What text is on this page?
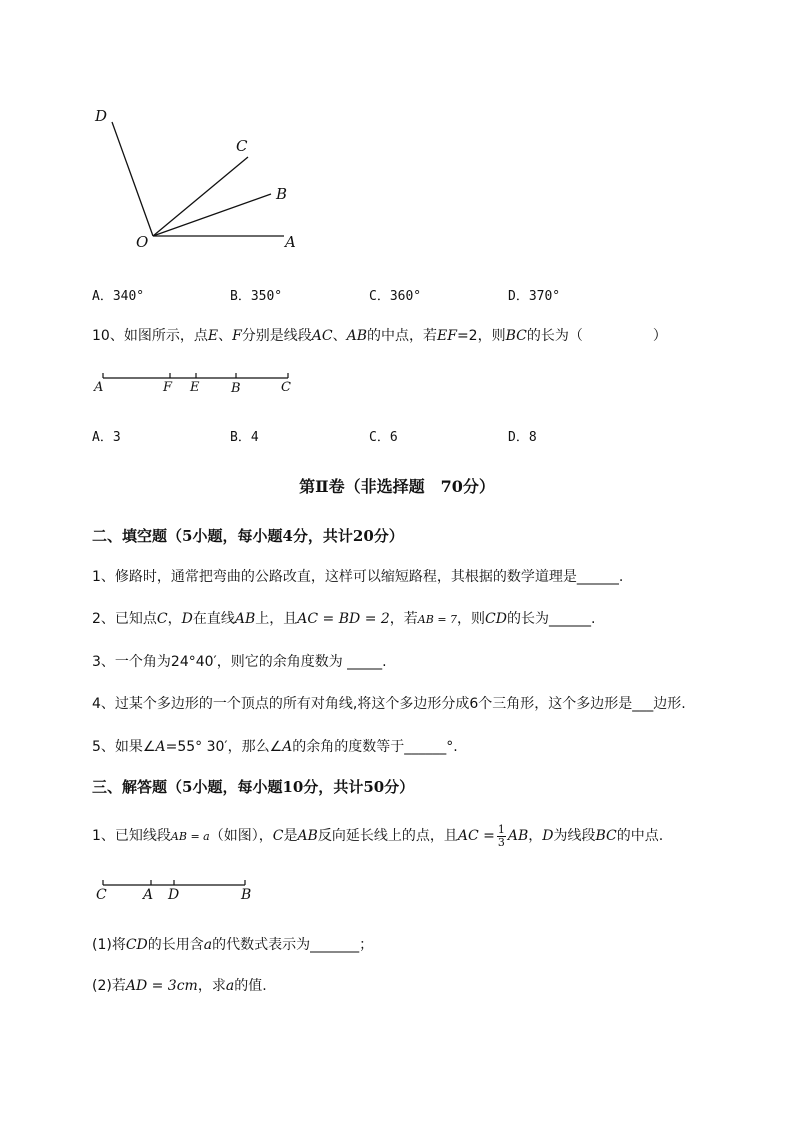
D
C
B
O	A
A．340°	B．350°	C．360°	D．370°
10、如图所示，点E、F分别是线段AC、AB的中点，若EF=2，则BC的长为（　　　　　）
A	F E B	C
A．3	B．4	C．6	D．8
第Ⅱ卷（非选择题　70分）
二、填空题（5小题，每小题4分，共计20分）
1、修路时，通常把弯曲的公路改直，这样可以缩短路程，其根据的数学道理是______.
2、已知点C，D在直线AB上，且AC = BD = 2，若AB = 7，则CD的长为______.
3、一个角为24°40′，则它的余角度数为 _____.
4、过某个多边形的一个顶点的所有对角线,将这个多边形分成6个三角形，这个多边形是___边形.
5、如果∠A=55° 30′，那么∠A的余角的度数等于______°.
三、解答题（5小题，每小题10分，共计50分）
1、已知线段AB = a（如图），C是AB反向延长线上的点，且AC = $\frac{1}{3}$ AB，D为线段BC的中点.
C	A D	B
(1)将CD的长用含a的代数式表示为_______；
(2)若AD = 3cm，求a的值.
